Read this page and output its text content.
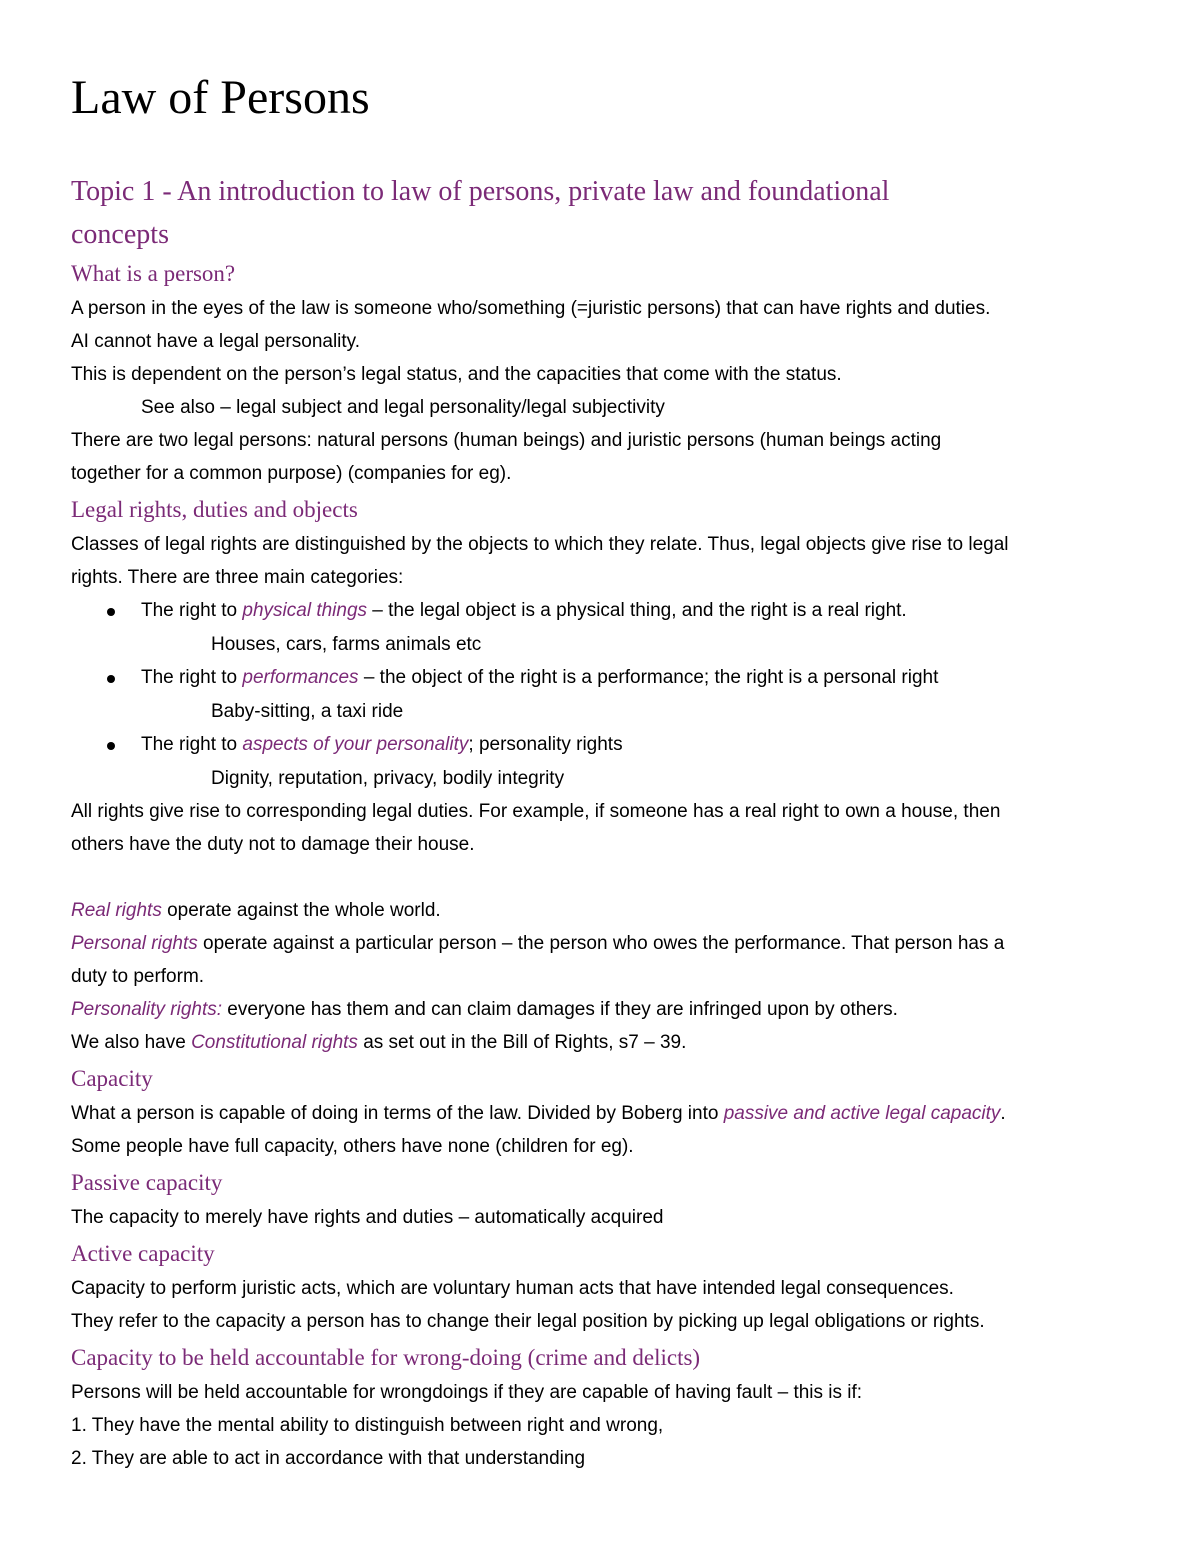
Law of Persons
Topic 1 - An introduction to law of persons, private law and foundational
concepts
What is a person?

A person in the eyes of the law is someone who/something (=juristic persons) that can have rights and duties.

AI cannot have a legal personality.

This is dependent on the person’s legal status, and the capacities that come with the status.

See also – legal subject and legal personality/legal subjectivity

There are two legal persons: natural persons (human beings) and juristic persons (human beings acting

together for a common purpose) (companies for eg).

Legal rights, duties and objects

Classes of legal rights are distinguished by the objects to which they relate. Thus, legal objects give rise to legal

rights. There are three main categories:

The right to physical things – the legal object is a physical thing, and the right is a real right.

Houses, cars, farms animals etc

The right to performances – the object of the right is a performance; the right is a personal right

Baby-sitting, a taxi ride

The right to aspects of your personality; personality rights

Dignity, reputation, privacy, bodily integrity

All rights give rise to corresponding legal duties. For example, if someone has a real right to own a house, then

others have the duty not to damage their house.

Real rights operate against the whole world.

Personal rights operate against a particular person – the person who owes the performance. That person has a

duty to perform.

Personality rights: everyone has them and can claim damages if they are infringed upon by others.

We also have Constitutional rights as set out in the Bill of Rights, s7 – 39.

Capacity

What a person is capable of doing in terms of the law. Divided by Boberg into passive and active legal capacity.

Some people have full capacity, others have none (children for eg).

Passive capacity

The capacity to merely have rights and duties – automatically acquired

Active capacity

Capacity to perform juristic acts, which are voluntary human acts that have intended legal consequences.

They refer to the capacity a person has to change their legal position by picking up legal obligations or rights.

Capacity to be held accountable for wrong-doing (crime and delicts)

Persons will be held accountable for wrongdoings if they are capable of having fault – this is if:

1. They have the mental ability to distinguish between right and wrong,

2. They are able to act in accordance with that understanding
